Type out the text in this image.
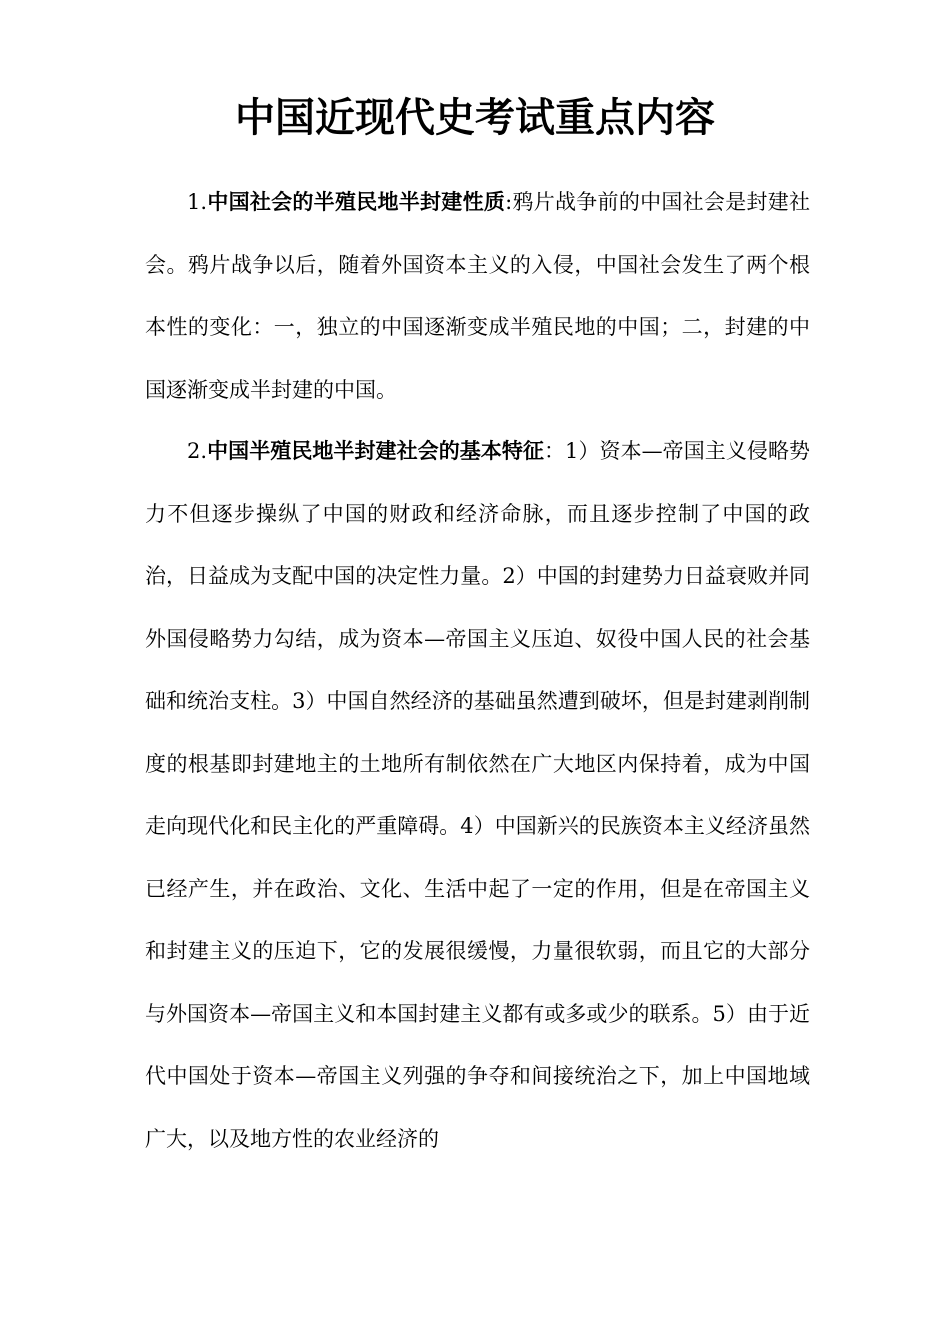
中国近现代史考试重点内容

1.中国社会的半殖民地半封建性质:鸦片战争前的中国社会是封建社会。鸦片战争以后，随着外国资本主义的入侵，中国社会发生了两个根本性的变化：一，独立的中国逐渐变成半殖民地的中国；二，封建的中国逐渐变成半封建的中国。

2.中国半殖民地半封建社会的基本特征：1）资本—帝国主义侵略势力不但逐步操纵了中国的财政和经济命脉，而且逐步控制了中国的政治，日益成为支配中国的决定性力量。2）中国的封建势力日益衰败并同外国侵略势力勾结，成为资本—帝国主义压迫、奴役中国人民的社会基础和统治支柱。3）中国自然经济的基础虽然遭到破坏，但是封建剥削制度的根基即封建地主的土地所有制依然在广大地区内保持着，成为中国走向现代化和民主化的严重障碍。4）中国新兴的民族资本主义经济虽然已经产生，并在政治、文化、生活中起了一定的作用，但是在帝国主义和封建主义的压迫下，它的发展很缓慢，力量很软弱，而且它的大部分与外国资本—帝国主义和本国封建主义都有或多或少的联系。5）由于近代中国处于资本—帝国主义列强的争夺和间接统治之下，加上中国地域广大，以及地方性的农业经济的
